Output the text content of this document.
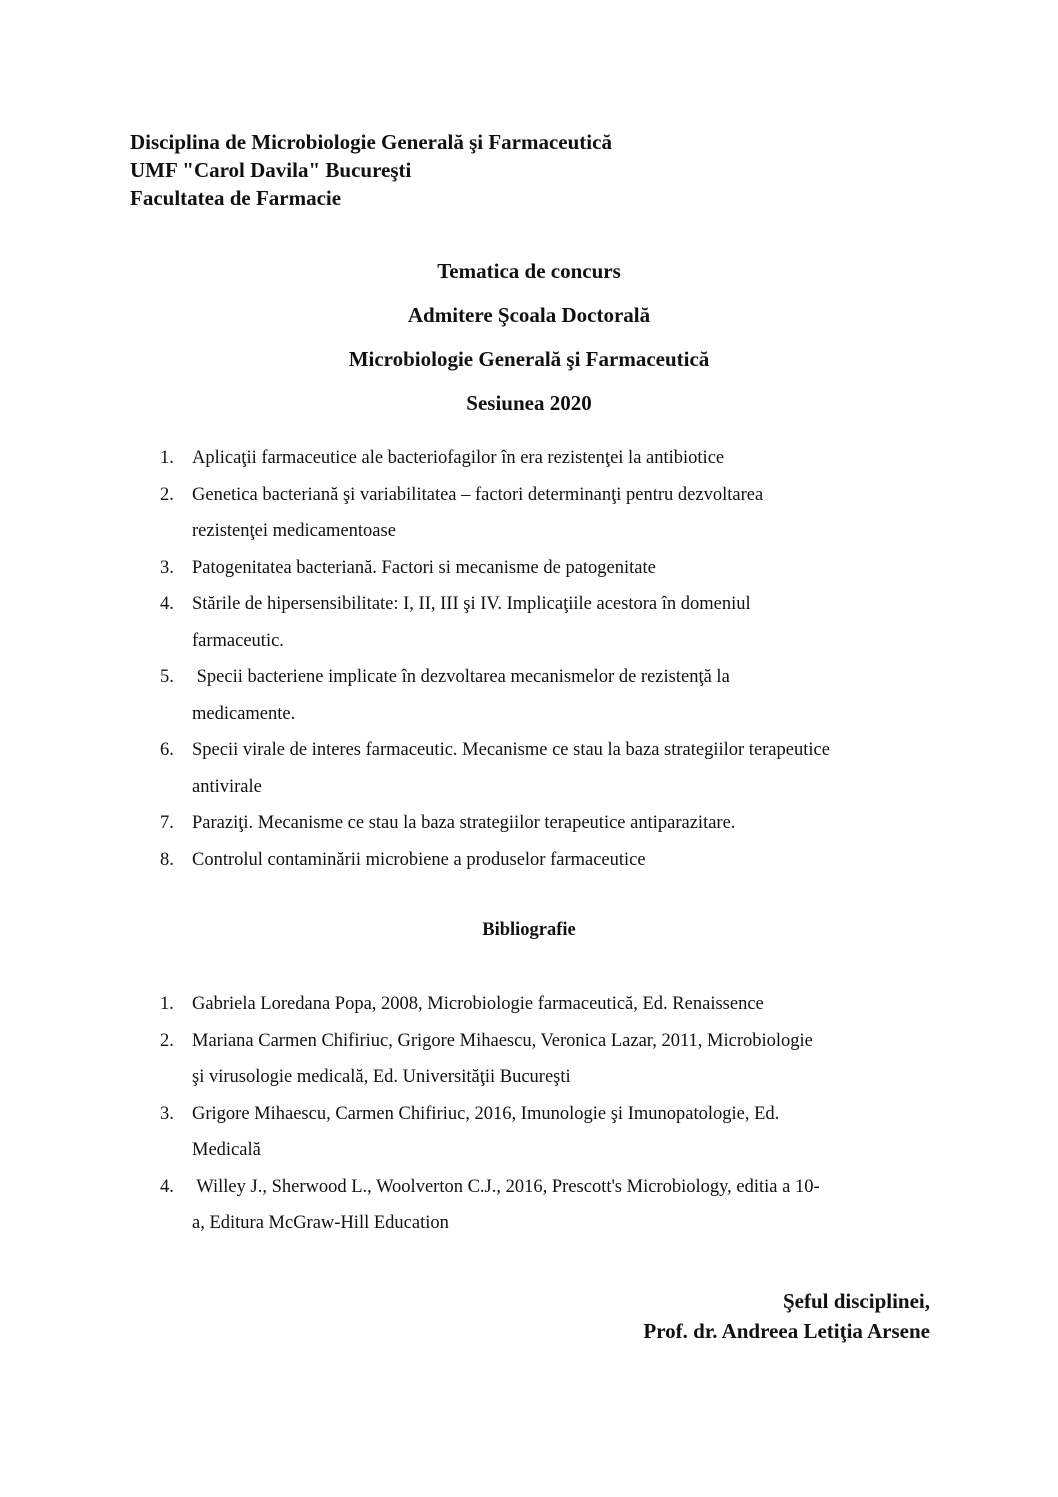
Disciplina de Microbiologie Generală şi Farmaceutică
UMF "Carol Davila" Bucureşti
Facultatea de Farmacie
Tematica de concurs
Admitere Şcoala Doctorală
Microbiologie Generală şi Farmaceutică
Sesiunea 2020
1. Aplicaţii farmaceutice ale bacteriofagilor în era rezistenţei la antibiotice
2. Genetica bacteriană şi variabilitatea – factori determinanţi pentru dezvoltarea
rezistenţei medicamentoase
3. Patogenitatea bacteriană. Factori si mecanisme de patogenitate
4. Stările de hipersensibilitate: I, II, III şi IV. Implicaţiile acestora în domeniul
farmaceutic.
5. Specii bacteriene implicate în dezvoltarea mecanismelor de rezistenţă la
medicamente.
6. Specii virale de interes farmaceutic. Mecanisme ce stau la baza strategiilor terapeutice
antivirale
7. Paraziţi. Mecanisme ce stau la baza strategiilor terapeutice antiparazitare.
8. Controlul contaminării microbiene a produselor farmaceutice
Bibliografie
1. Gabriela Loredana Popa, 2008, Microbiologie farmaceutică, Ed. Renaissence
2. Mariana Carmen Chifiriuc, Grigore Mihaescu, Veronica Lazar, 2011, Microbiologie
şi virusologie medicală, Ed. Universităţii Bucureşti
3. Grigore Mihaescu, Carmen Chifiriuc, 2016, Imunologie şi Imunopatologie, Ed.
Medicală
4. Willey J., Sherwood L., Woolverton C.J., 2016, Prescott's Microbiology, editia a 10-
a, Editura McGraw-Hill Education
Şeful disciplinei,
Prof. dr. Andreea Letiţia Arsene
